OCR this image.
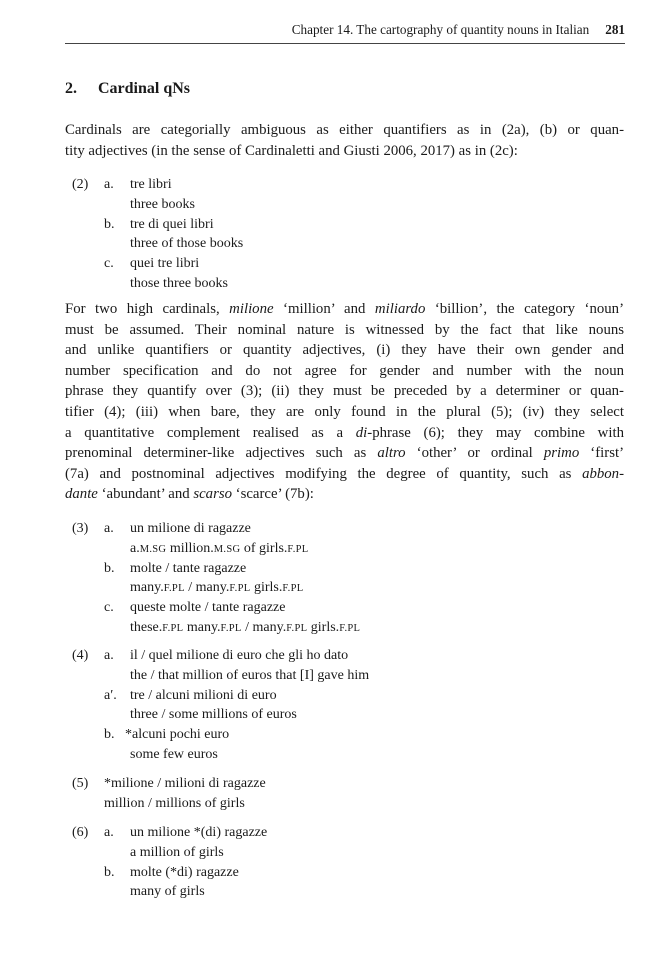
Chapter 14. The cartography of quantity nouns in Italian 281
2. Cardinal qNs
Cardinals are categorially ambiguous as either quantifiers as in (2a), (b) or quan-
tity adjectives (in the sense of Cardinaletti and Giusti 2006, 2017) as in (2c):
(2) a. tre libri
three books
b. tre di quei libri
three of those books
c. quei tre libri
those three books
For two high cardinals, milione ‘million’ and miliardo ‘billion’, the category ‘noun’
must be assumed. Their nominal nature is witnessed by the fact that like nouns
and unlike quantifiers or quantity adjectives, (i) they have their own gender and
number specification and do not agree for gender and number with the noun
phrase they quantify over (3); (ii) they must be preceded by a determiner or quan-
tifier (4); (iii) when bare, they are only found in the plural (5); (iv) they select
a quantitative complement realised as a di-phrase (6); they may combine with
prenominal determiner-like adjectives such as altro ‘other’ or ordinal primo ‘first’
(7a) and postnominal adjectives modifying the degree of quantity, such as abbon-
dante ‘abundant’ and scarso ‘scarce’ (7b):
(3) a. un milione di ragazze
a.M.SG million.M.SG of girls.F.PL
b. molte / tante ragazze
many.F.PL / many.F.PL girls.F.PL
c. queste molte / tante ragazze
these.F.PL many.F.PL / many.F.PL girls.F.PL
(4) a. il / quel milione di euro che gli ho dato
the / that million of euros that [I] gave him
a′. tre / alcuni milioni di euro
three / some millions of euros
b. *alcuni pochi euro
some few euros
(5) *milione / milioni di ragazze
million / millions of girls
(6) a. un milione *(di) ragazze
a million of girls
b. molte (*di) ragazze
many of girls
